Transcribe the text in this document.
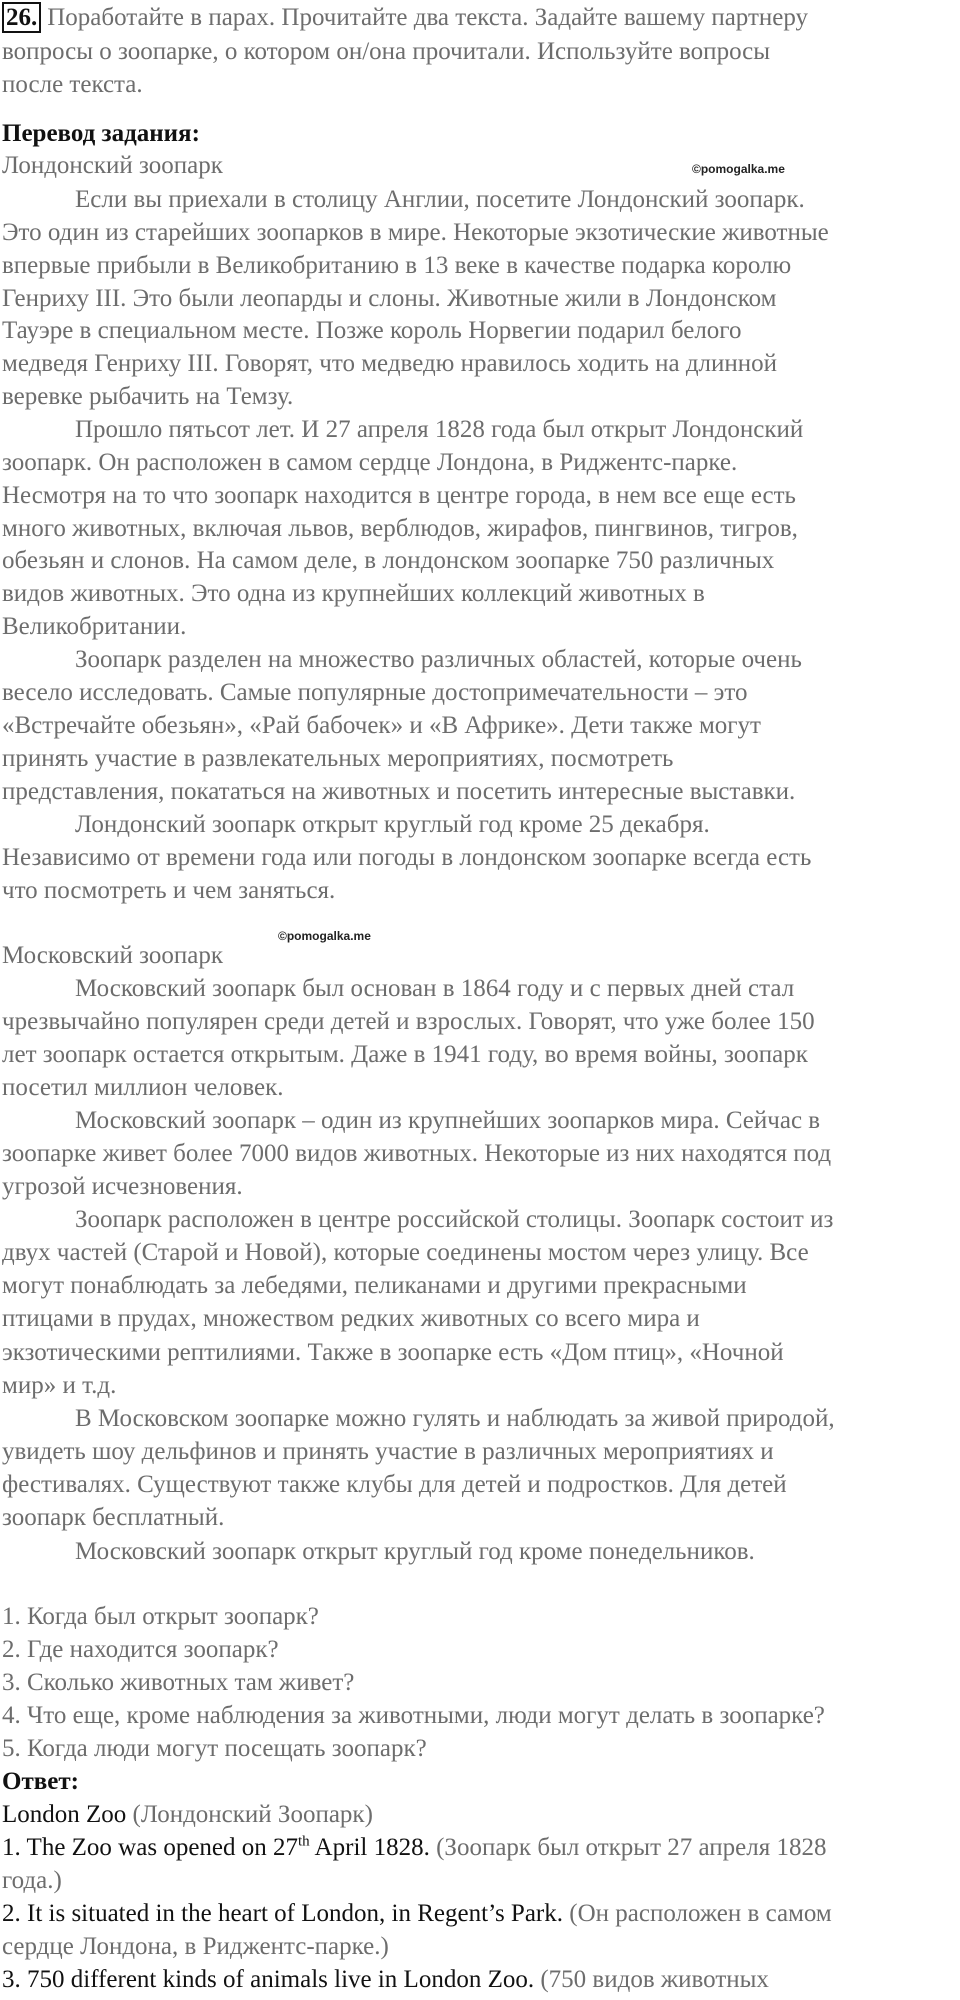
26. Поработайте в парах. Прочитайте два текста. Задайте вашему партнеру
вопросы о зоопарке, о котором он/она прочитали. Используйте вопросы
после текста.
Перевод задания:
Лондонский зоопарк	©pomogalka.me
Если вы приехали в столицу Англии, посетите Лондонский зоопарк.
Это один из старейших зоопарков в мире. Некоторые экзотические животные
впервые прибыли в Великобританию в 13 веке в качестве подарка королю
Генриху III. Это были леопарды и слоны. Животные жили в Лондонском
Тауэре в специальном месте. Позже король Норвегии подарил белого
медведя Генриху III. Говорят, что медведю нравилось ходить на длинной
веревке рыбачить на Темзу.
Прошло пятьсот лет. И 27 апреля 1828 года был открыт Лондонский
зоопарк. Он расположен в самом сердце Лондона, в Риджентс-парке.
Несмотря на то что зоопарк находится в центре города, в нем все еще есть
много животных, включая львов, верблюдов, жирафов, пингвинов, тигров,
обезьян и слонов. На самом деле, в лондонском зоопарке 750 различных
видов животных. Это одна из крупнейших коллекций животных в
Великобритании.
Зоопарк разделен на множество различных областей, которые очень
весело исследовать. Самые популярные достопримечательности – это
«Встречайте обезьян», «Рай бабочек» и «В Африке». Дети также могут
принять участие в развлекательных мероприятиях, посмотреть
представления, покататься на животных и посетить интересные выставки.
Лондонский зоопарк открыт круглый год кроме 25 декабря.
Независимо от времени года или погоды в лондонском зоопарке всегда есть
что посмотреть и чем заняться.
©pomogalka.me
Московский зоопарк
Московский зоопарк был основан в 1864 году и с первых дней стал
чрезвычайно популярен среди детей и взрослых. Говорят, что уже более 150
лет зоопарк остается открытым. Даже в 1941 году, во время войны, зоопарк
посетил миллион человек.
Московский зоопарк – один из крупнейших зоопарков мира. Сейчас в
зоопарке живет более 7000 видов животных. Некоторые из них находятся под
угрозой исчезновения.
Зоопарк расположен в центре российской столицы. Зоопарк состоит из
двух частей (Старой и Новой), которые соединены мостом через улицу. Все
могут понаблюдать за лебедями, пеликанами и другими прекрасными
птицами в прудах, множеством редких животных со всего мира и
экзотическими рептилиями. Также в зоопарке есть «Дом птиц», «Ночной
мир» и т.д.
В Московском зоопарке можно гулять и наблюдать за живой природой,
увидеть шоу дельфинов и принять участие в различных мероприятиях и
фестивалях. Существуют также клубы для детей и подростков. Для детей
зоопарк бесплатный.
Московский зоопарк открыт круглый год кроме понедельников.
1. Когда был открыт зоопарк?
2. Где находится зоопарк?
3. Сколько животных там живет?
4. Что еще, кроме наблюдения за животными, люди могут делать в зоопарке?
5. Когда люди могут посещать зоопарк?
Ответ:
London Zoo (Лондонский Зоопарк)
1. The Zoo was opened on 27th April 1828. (Зоопарк был открыт 27 апреля 1828
года.)
2. It is situated in the heart of London, in Regent’s Park. (Он расположен в самом
сердце Лондона, в Риджентс-парке.)
3. 750 different kinds of animals live in London Zoo. (750 видов животных
